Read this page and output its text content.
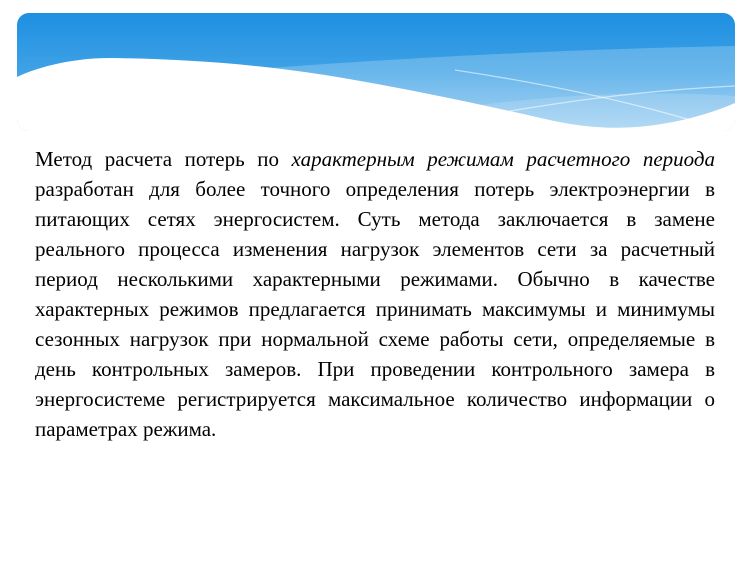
Метод расчета потерь по характерным режимам расчетного периода разработан для более точного определения потерь электроэнергии в питающих сетях энергосистем. Суть метода заключается в замене реального процесса изменения нагрузок элементов сети за расчетный период несколькими характерными режимами. Обычно в качестве характерных режимов предлагается принимать максимумы и минимумы сезонных нагрузок при нормальной схеме работы сети, определяемые в день контрольных замеров. При проведении контрольного замера в энергосистеме регистрируется максимальное количество информации о параметрах режима.
